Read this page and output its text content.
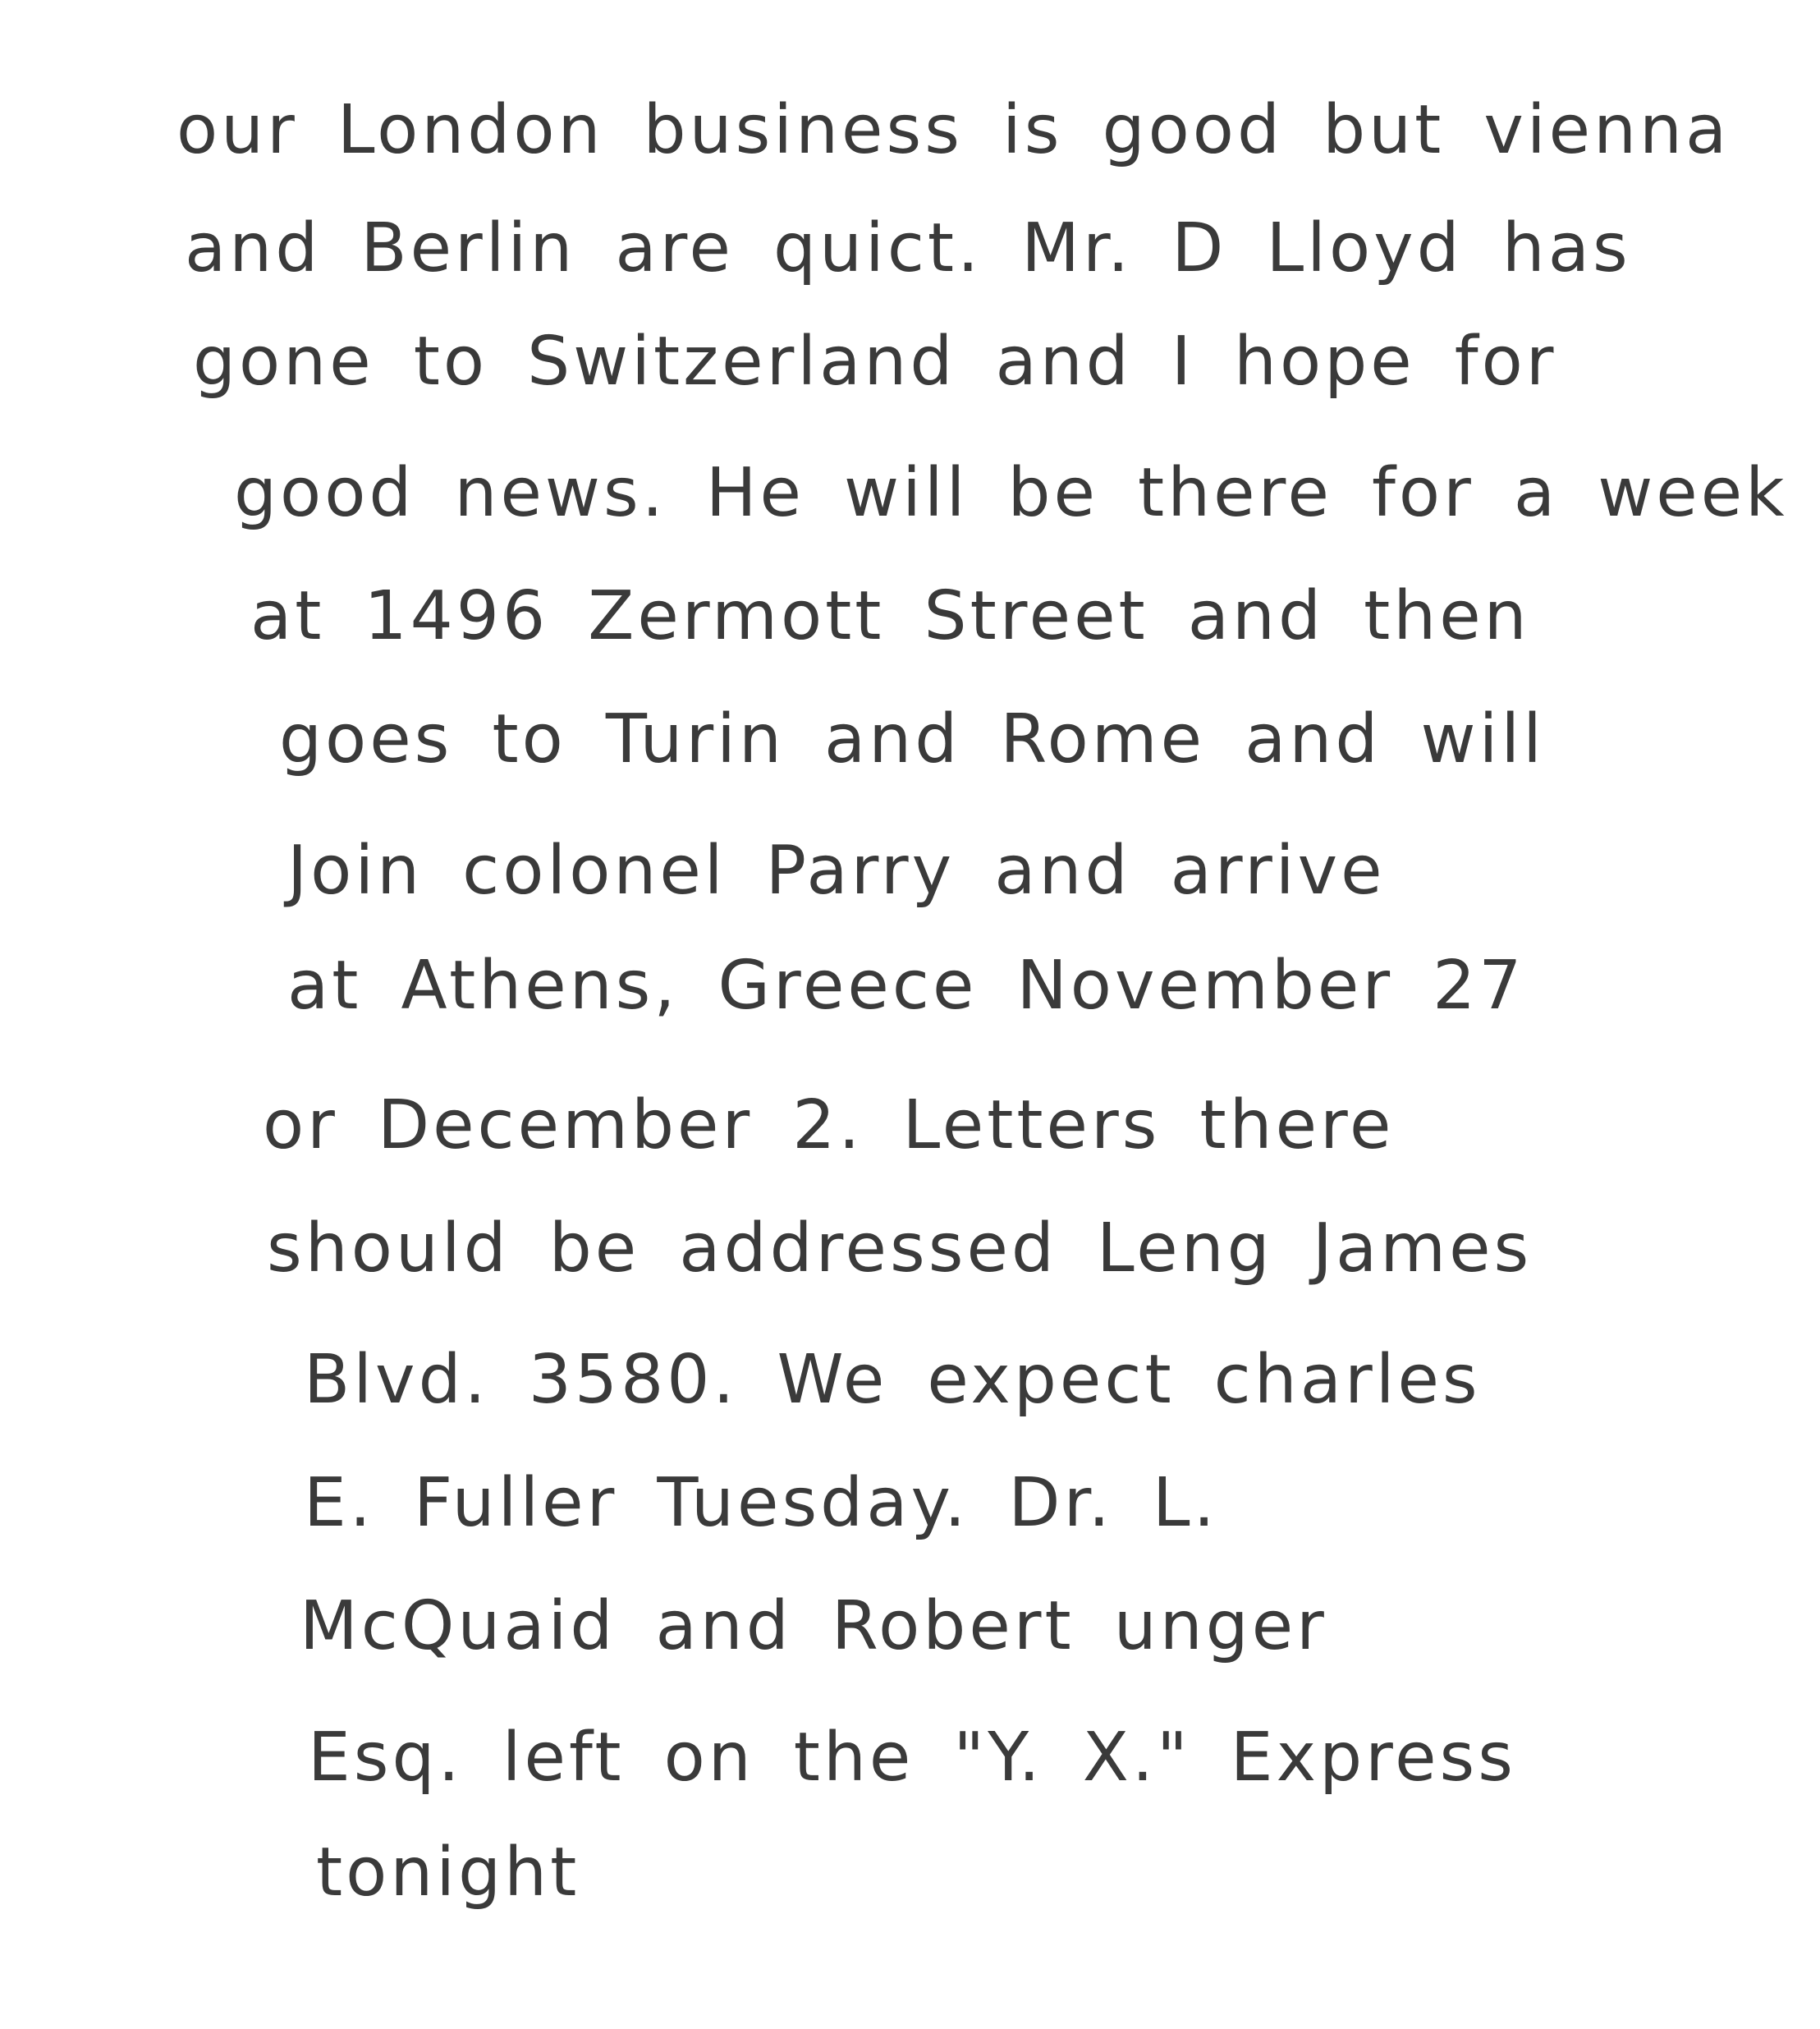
our London business is good but vienna

and Berlin are quict. Mr. D Lloyd has

gone to Switzerland and I hope for

good news. He will be there for a week

at 1496 Zermott Street and then

goes to Turin and Rome and will

Join colonel Parry and arrive

at Athens, Greece November 27

or December 2. Letters there

should be addressed Leng James

Blvd. 3580. We expect charles

E. Fuller Tuesday. Dr. L.

McQuaid and Robert unger

Esq. left on the "Y. X." Express

tonight
